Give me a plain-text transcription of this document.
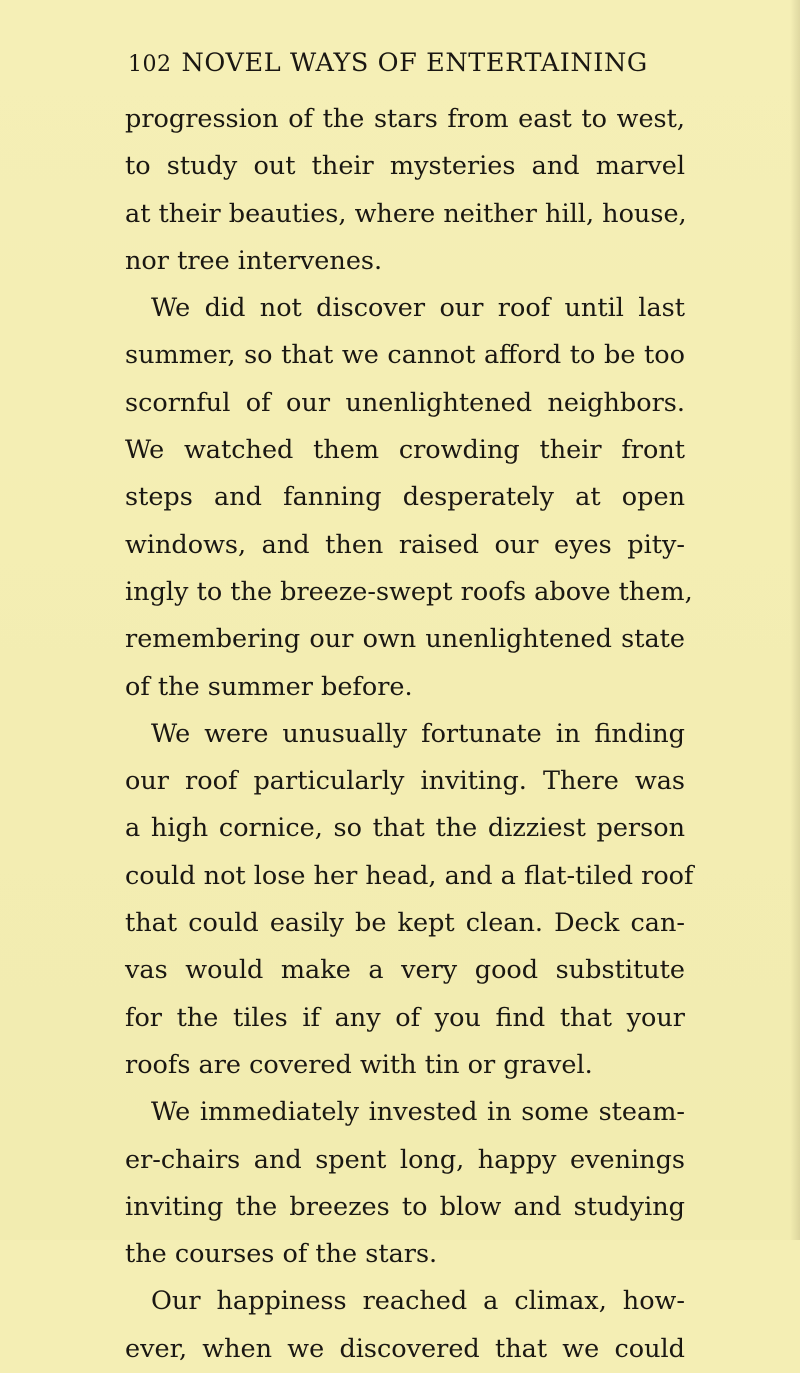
102 NOVEL WAYS OF ENTERTAINING
progression of the stars from east to west,
to study out their mysteries and marvel
at their beauties, where neither hill, house,
nor tree intervenes.
We did not discover our roof until last
summer, so that we cannot afford to be too
scornful of our unenlightened neighbors.
We watched them crowding their front
steps and fanning desperately at open
windows, and then raised our eyes pity-
ingly to the breeze-swept roofs above them,
remembering our own unenlightened state
of the summer before.
We were unusually fortunate in finding
our roof particularly inviting. There was
a high cornice, so that the dizziest person
could not lose her head, and a flat-tiled roof
that could easily be kept clean. Deck can-
vas would make a very good substitute
for the tiles if any of you find that your
roofs are covered with tin or gravel.
We immediately invested in some steam-
er-chairs and spent long, happy evenings
inviting the breezes to blow and studying
the courses of the stars.
Our happiness reached a climax, how-
ever, when we discovered that we could
